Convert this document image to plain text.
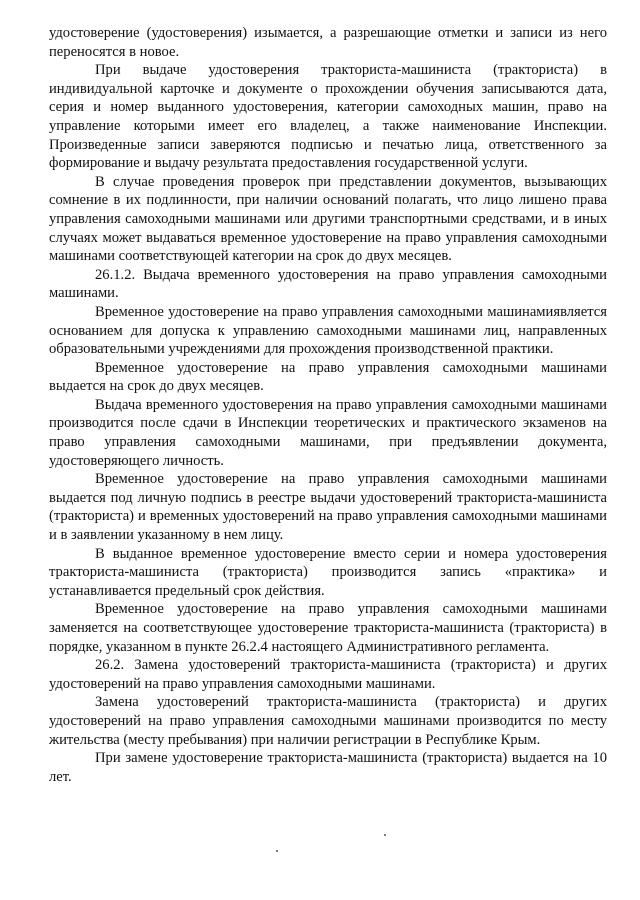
удостоверение (удостоверения) изымается, а разрешающие отметки и записи из него переносятся в новое.

При выдаче удостоверения тракториста-машиниста (тракториста) в индивидуальной карточке и документе о прохождении обучения записываются дата, серия и номер выданного удостоверения, категории самоходных машин, право на управление которыми имеет его владелец, а также наименование Инспекции. Произведенные записи заверяются подписью и печатью лица, ответственного за формирование и выдачу результата предоставления государственной услуги.

В случае проведения проверок при представлении документов, вызывающих сомнение в их подлинности, при наличии оснований полагать, что лицо лишено права управления самоходными машинами или другими транспортными средствами, и в иных случаях может выдаваться временное удостоверение на право управления самоходными машинами соответствующей категории на срок до двух месяцев.

26.1.2. Выдача временного удостоверения на право управления самоходными машинами.

Временное удостоверение на право управления самоходными машинамиявляется основанием для допуска к управлению самоходными машинами лиц, направленных образовательными учреждениями для прохождения производственной практики.

Временное удостоверение на право управления самоходными машинами выдается на срок до двух месяцев.

Выдача временного удостоверения на право управления самоходными машинами производится после сдачи в Инспекции теоретических и практического экзаменов на право управления самоходными машинами, при предъявлении документа, удостоверяющего личность.

Временное удостоверение на право управления самоходными машинами выдается под личную подпись в реестре выдачи удостоверений тракториста-машиниста (тракториста) и временных удостоверений на право управления самоходными машинами и в заявлении указанному в нем лицу.

В выданное временное удостоверение вместо серии и номера удостоверения тракториста-машиниста (тракториста) производится запись «практика» и устанавливается предельный срок действия.

Временное удостоверение на право управления самоходными машинами заменяется на соответствующее удостоверение тракториста-машиниста (тракториста) в порядке, указанном в пункте 26.2.4 настоящего Административного регламента.

26.2. Замена удостоверений тракториста-машиниста (тракториста) и других удостоверений на право управления самоходными машинами.

Замена удостоверений тракториста-машиниста (тракториста) и других удостоверений на право управления самоходными машинами производится по месту жительства (месту пребывания) при наличии регистрации в Республике Крым.

При замене удостоверение тракториста-машиниста (тракториста) выдается на 10 лет.
